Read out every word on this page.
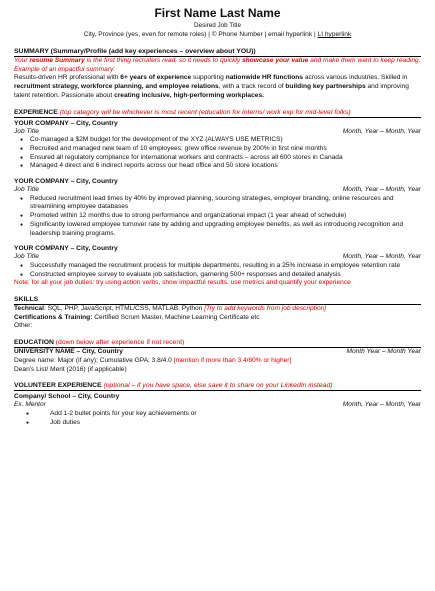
First Name Last Name
Desired Job Title
City, Province (yes, even for remote roles) | © Phone Number | email hyperlink | LI hyperlink
SUMMARY (Summary/Profile (add key experiences – overview about YOU))

Your resume Summary is the first thing recruiters read, so it needs to quickly showcase your value and make them want to keep reading. Example of an impactful summary:

Results-driven HR professional with 6+ years of experience supporting nationwide HR functions across various industries. Skilled in recruitment strategy, workforce planning, and employee relations, with a track record of building key partnerships and improving talent retention. Passionate about creating inclusive, high-performing workplaces.

EXPERIENCE (top category will be whichever is most recent (education for interns/ work exp for mid-level folks)
YOUR COMPANY – City, Country
Job Title	Month, Year – Month, Year
● Co-managed a $2M budget for the development of the XYZ (ALWAYS USE METRICS)
● Recruited and managed new team of 10 employees; grew office revenue by 200% in first nine months
● Ensured all regulatory compliance for international workers and contracts – across all 600 stores in Canada
● Managed 4 direct and 6 indirect reports across our head office and 50 store locations
YOUR COMPANY – City, Country
Job Title	Month, Year – Month, Year
● Reduced recruitment lead times by 40% by improved planning, sourcing strategies, employer branding, online resources and streamlining employee databases
● Promoted within 12 months due to strong performance and organizational impact (1 year ahead of schedule)
● Significantly lowered employee turnover rate by adding and upgrading employee benefits, as well as introducing recognition and leadership training programs.
YOUR COMPANY – City, Country
Job Title	Month, Year – Month, Year
● Successfully managed the recruitment process for multiple departments, resulting in a 25% increase in employee retention rate
● Constructed employee survey to evaluate job satisfaction, garnering 500+ responses and detailed analysis

Note: for all your job duties: try using action verbs, show impactful results, use metrics and quantify your experience

SKILLS

Technical: SQL, PHP, JavaScript, HTML/CSS, MATLAB, Python [Try to add keywords from job description]

Certifications & Training: Certified Scrum Master, Machine Learning Certificate etc

Other:

EDUCATION (down below after experience if not recent)
UNIVERSITY NAME – City, Country	Month Year – Month Year

Degree name: Major (if any); Cumulative GPA: 3.8/4.0 [mention if more than 3.4/80% or higher]

Dean's List/ Merit (2016) (if applicable)

VOLUNTEER EXPERIENCE (optional – if you have space, else save it to share on your LinkedIn instead)
Company/ School – City, Country
Ex. Mentor	Month, Year – Month, Year
● Add 1-2 bullet points for your key achievements or
● Job duties
